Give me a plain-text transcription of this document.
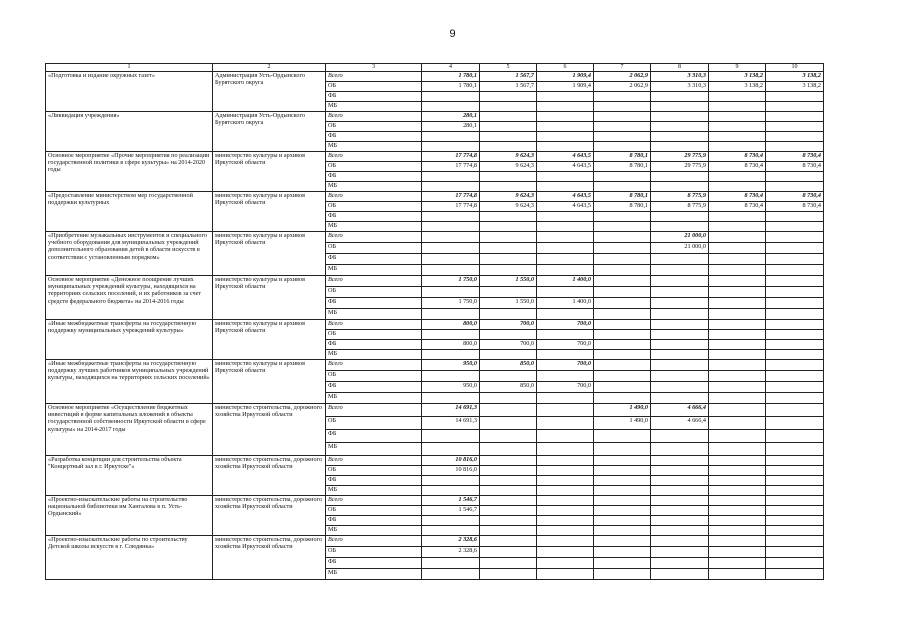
9
1	2	3	4	5	6	7	8	9	10
«Подготовка и издание окружных газет»	Администрация Усть-Ордынского Бурятского округа	Всего	1 780,1	1 567,7	1 909,4	2 062,9	3 310,3	3 138,2	3 138,2
		ОБ	1 780,1	1 567,7	1 909,4	2 062,9	3 310,3	3 138,2	3 138,2
		ФБ							
		МБ							
«Ликвидация учреждения»	Администрация Усть-Ордынского Бурятского округа	Всего	280,1						
		ОБ	280,1						
		ФБ							
		МБ							
Основное мероприятие «Прочие мероприятия по реализации государственной политики в сфере культуры» на 2014-2020 годы	министерство культуры и архивов Иркутской области	Всего	17 774,8	9 624,3	4 643,5	8 780,1	29 775,9	8 730,4	8 730,4
		ОБ	17 774,8	9 624,3	4 643,5	8 780,1	29 775,9	8 730,4	8 730,4
		ФБ							
		МБ							
«Предоставление министерством мер государственной поддержки культурных	министерство культуры и архивов Иркутской области	Всего	17 774,8	9 624,3	4 643,5	8 780,1	8 775,9	8 730,4	8 730,4
		ОБ	17 774,8	9 624,3	4 643,5	8 780,1	8 775,9	8 730,4	8 730,4
		ФБ							
		МБ							
«Приобретение музыкальных инструментов и специального учебного оборудования для муниципальных учреждений дополнительного образования детей в области искусств в соответствии с установленным порядком»	министерство культуры и архивов Иркутской области	Всего					21 000,0		
		ОБ					21 000,0		
		ФБ							
		МБ							
Основное мероприятие «Денежное поощрение лучших муниципальных учреждений культуры, находящихся на территориях сельских поселений, и их работников за счет средств федерального бюджета» на 2014-2016 годы	министерство культуры и архивов Иркутской области	Всего	1 750,0	1 550,0	1 400,0				
		ОБ							
		ФБ	1 750,0	1 550,0	1 400,0				
		МБ							
«Иные межбюджетные трансферты на государственную поддержку муниципальных учреждений культуры»	министерство культуры и архивов Иркутской области	Всего	800,0	700,0	700,0				
		ОБ							
		ФБ	800,0	700,0	700,0				
		МБ							
«Иные межбюджетные трансферты на государственную поддержку лучших работников муниципальных учреждений культуры, находящихся на территориях сельских поселений»	министерство культуры и архивов Иркутской области	Всего	950,0	850,0	700,0				
		ОБ							
		ФБ	950,0	850,0	700,0				
		МБ							
Основное мероприятие «Осуществление бюджетных инвестиций в форме капитальных вложений в объекты государственной собственности Иркутской области в сфере культуры» на 2014-2017 годы	министерство строительства, дорожного хозяйства Иркутской области	Всего	14 691,3			1 490,0	4 666,4		
		ОБ	14 691,3			1 490,0	4 666,4		
		ФБ							
		МБ							
«Разработка концепции для строительства объекта "Концертный зал в г. Иркутске"»	министерство строительства, дорожного хозяйства Иркутской области	Всего	10 816,0						
		ОБ	10 816,0						
		ФБ							
		МБ							
«Проектно-изыскательские работы на строительство национальной библиотеки им Хангалова в п. Усть-Ордынский»	министерство строительства, дорожного хозяйства Иркутской области	Всего	1 546,7						
		ОБ	1 546,7						
		ФБ							
		МБ							
«Проектно-изыскательские работы по строительству Детской школы искусств в г. Слюдянка»	министерство строительства, дорожного хозяйства Иркутской области	Всего	2 328,6						
		ОБ	2 328,6						
		ФБ							
		МБ							
